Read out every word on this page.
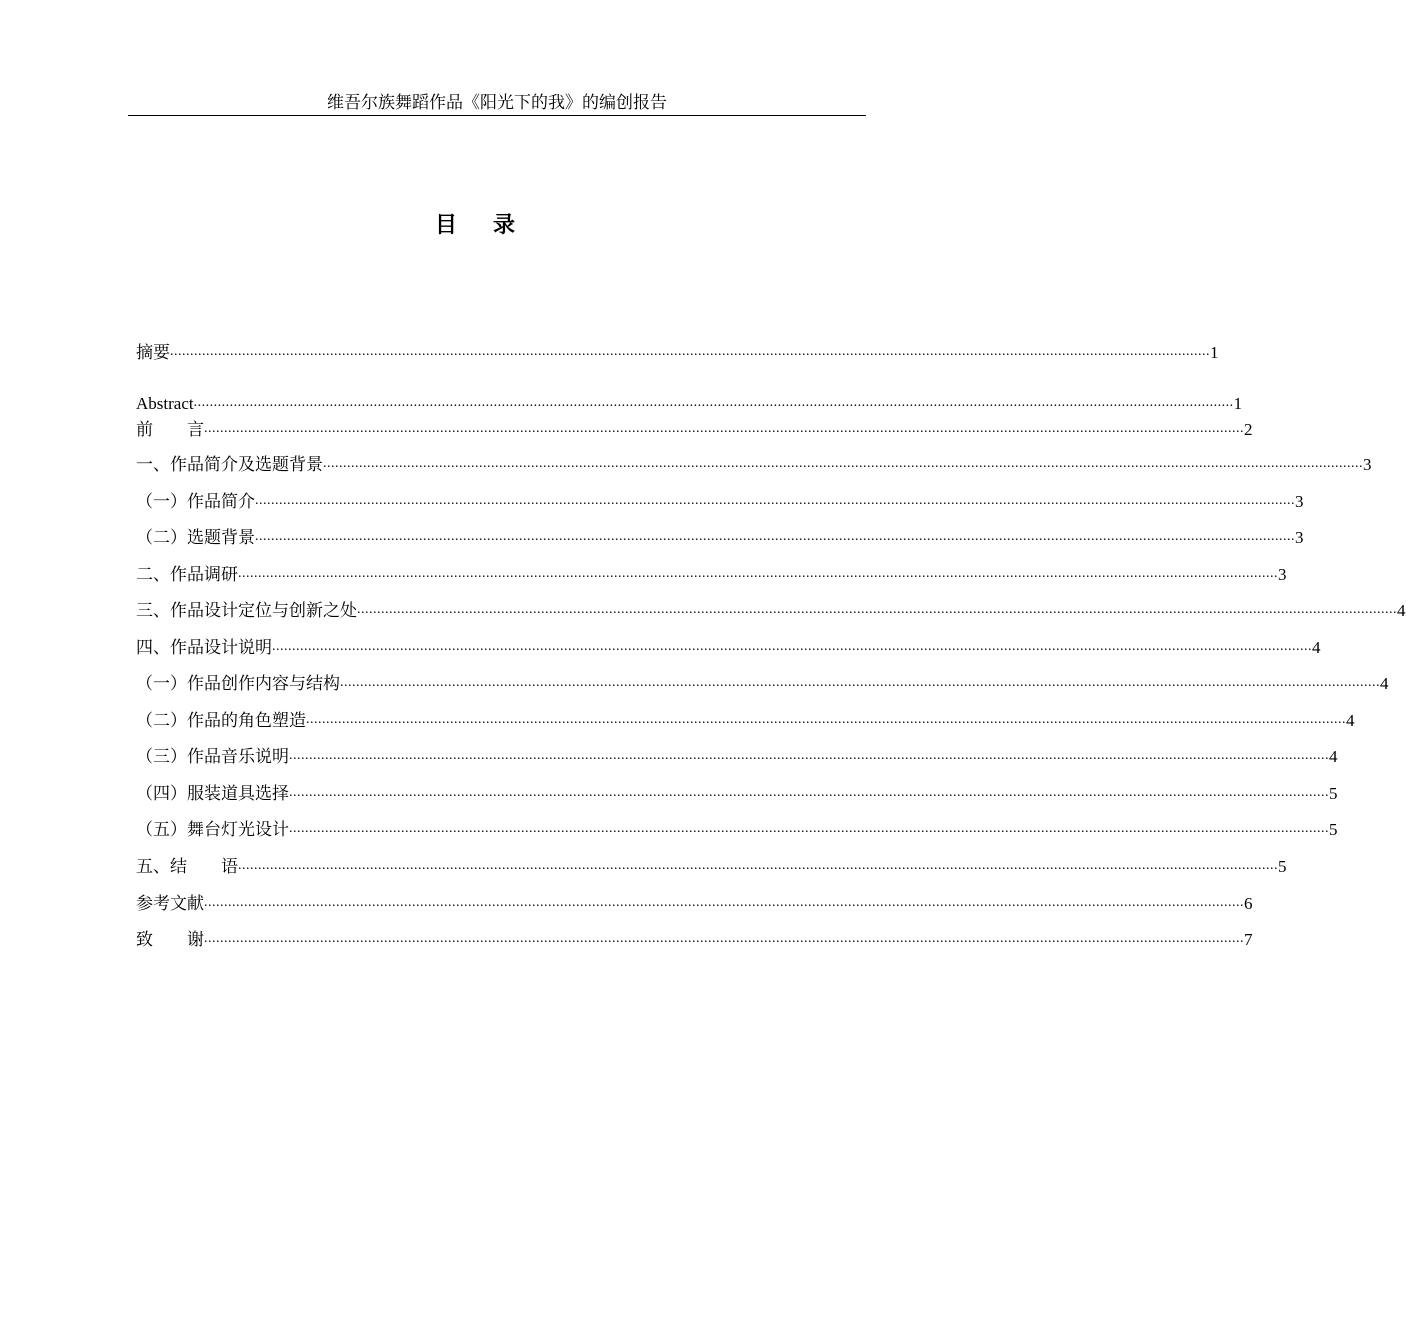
维吾尔族舞蹈作品《阳光下的我》的编创报告
目录
摘要 .................................................................................................................................................................................................................................................................... 1
Abstract .................................................................................................................................................................................................................................................................... 1
前　　言 .................................................................................................................................................................................................................................................................... 2
一、作品简介及选题背景 .................................................................................................................................................................................................................................................................... 3
（一）作品简介 .................................................................................................................................................................................................................................................................... 3
（二）选题背景 .................................................................................................................................................................................................................................................................... 3
二、作品调研 .................................................................................................................................................................................................................................................................... 3
三、作品设计定位与创新之处 .................................................................................................................................................................................................................................................................... 4
四、作品设计说明 .................................................................................................................................................................................................................................................................... 4
（一）作品创作内容与结构 .................................................................................................................................................................................................................................................................... 4
（二）作品的角色塑造 .................................................................................................................................................................................................................................................................... 4
（三）作品音乐说明 .................................................................................................................................................................................................................................................................... 4
（四）服装道具选择 .................................................................................................................................................................................................................................................................... 5
（五）舞台灯光设计 .................................................................................................................................................................................................................................................................... 5
五、结　　语 .................................................................................................................................................................................................................................................................... 5
参考文献 .................................................................................................................................................................................................................................................................... 6
致　　谢 .................................................................................................................................................................................................................................................................... 7
